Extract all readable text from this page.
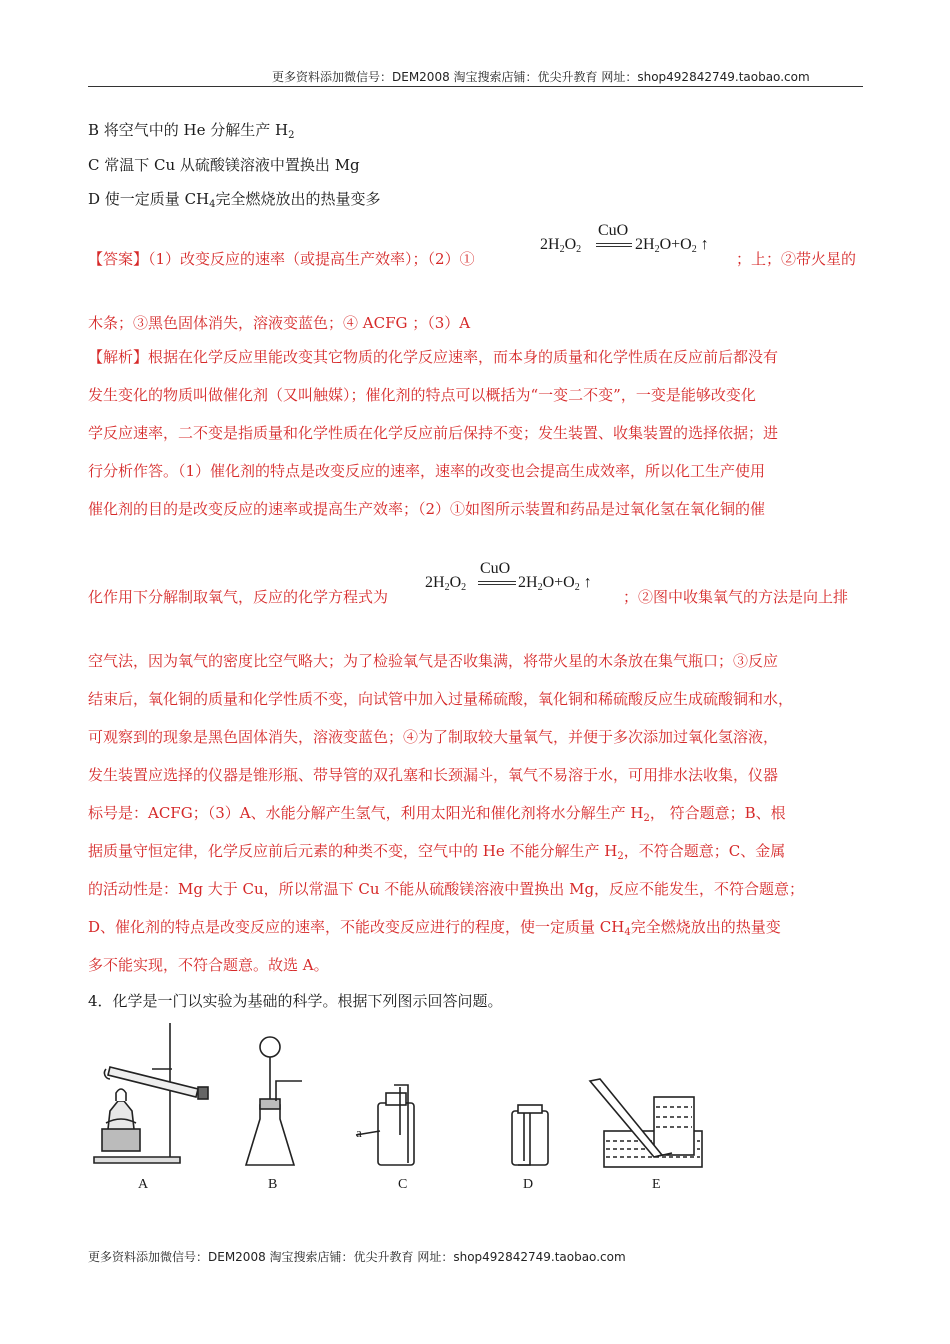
更多资料添加微信号：DEM2008 淘宝搜索店铺：优尖升教育 网址：shop492842749.taobao.com
B 将空气中的 He 分解生产 $H_2$
C 常温下 Cu 从硫酸镁溶液中置换出 Mg
D 使一定质量 $CH_4$完全燃烧放出的热量变多
【答案】（1）改变反应的速率（或提高生产效率）；（2）①
$2H_2O_2$
CuO
$2H_2O+O_2$ ↑
；上；②带火星的
木条；③黑色固体消失，溶液变蓝色；④ ACFG ；（3）A
【解析】根据在化学反应里能改变其它物质的化学反应速率，而本身的质量和化学性质在反应前后都没有
发生变化的物质叫做催化剂（又叫触媒）；催化剂的特点可以概括为“一变二不变”，一变是能够改变化
学反应速率，二不变是指质量和化学性质在化学反应前后保持不变；发生装置、收集装置的选择依据；进
行分析作答。（1）催化剂的特点是改变反应的速率，速率的改变也会提高生成效率，所以化工生产使用
催化剂的目的是改变反应的速率或提高生产效率；（2）①如图所示装置和药品是过氧化氢在氧化铜的催
化作用下分解制取氧气，反应的化学方程式为
$2H_2O_2$
CuO
$2H_2O+O_2$ ↑
；②图中收集氧气的方法是向上排
空气法，因为氧气的密度比空气略大；为了检验氧气是否收集满，将带火星的木条放在集气瓶口；③反应
结束后，氧化铜的质量和化学性质不变，向试管中加入过量稀硫酸，氧化铜和稀硫酸反应生成硫酸铜和水，
可观察到的现象是黑色固体消失，溶液变蓝色；④为了制取较大量氧气，并便于多次添加过氧化氢溶液，
发生装置应选择的仪器是锥形瓶、带导管的双孔塞和长颈漏斗，氧气不易溶于水，可用排水法收集，仪器
标号是：ACFG；（3）A、水能分解产生氢气，利用太阳光和催化剂将水分解生产 $H_2$， 符合题意；B、根
据质量守恒定律，化学反应前后元素的种类不变，空气中的 He 不能分解生产 $H_2$，不符合题意；C、金属
的活动性是：Mg 大于 Cu，所以常温下 Cu 不能从硫酸镁溶液中置换出 Mg，反应不能发生，不符合题意；
D、催化剂的特点是改变反应的速率，不能改变反应进行的程度，使一定质量 $CH_4$完全燃烧放出的热量变
多不能实现，不符合题意。故选 A。
4．化学是一门以实验为基础的科学。根据下列图示回答问题。
A	B	C	D	E
a
更多资料添加微信号：DEM2008 淘宝搜索店铺：优尖升教育 网址：shop492842749.taobao.com
